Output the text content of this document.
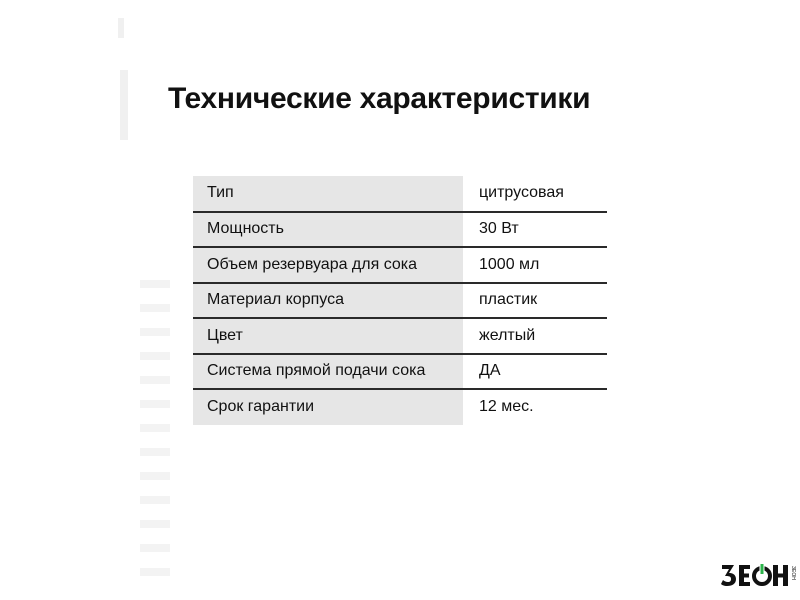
Технические характеристики
Тип	цитрусовая
Мощность	30 Вт
Объем резервуара для сока	1000 мл
Материал корпуса	пластик
Цвет	желтый
Система прямой подачи сока	ДА
Срок гарантии	12 мес.
ЗЕОН
